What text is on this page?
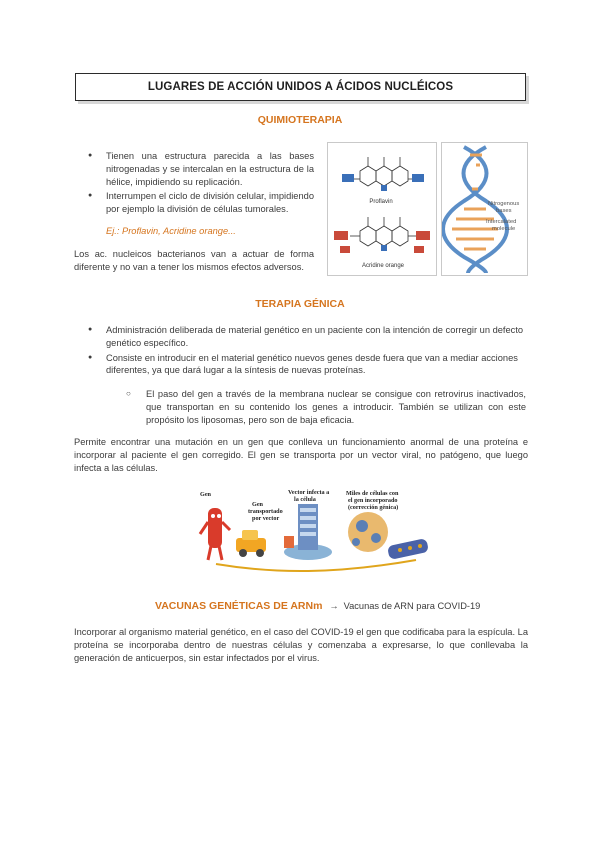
LUGARES DE ACCIÓN UNIDOS A ÁCIDOS NUCLÉICOS
QUIMIOTERAPIA
● Tienen una estructura parecida a las bases nitrogenadas y se intercalan en la estructura de la hélice, impidiendo su replicación.
● Interrumpen el ciclo de división celular, impidiendo por ejemplo la división de células tumorales.
Ej.: Proflavin, Acridine orange...
Los ac. nucleicos bacterianos van a actuar de forma diferente y no van a tener los mismos efectos adversos.
Proflavin
Acridine orange
Nitrogenous
bases
Intercalated
molecule
TERAPIA GÉNICA
● Administración deliberada de material genético en un paciente con la intención de corregir un defecto genético específico.
● Consiste en introducir en el material genético nuevos genes desde fuera que van a mediar acciones diferentes, ya que dará lugar a la síntesis de nuevas proteínas.
○ El paso del gen a través de la membrana nuclear se consigue con retrovirus inactivados, que transportan en su contenido los genes a introducir. También se utilizan con este propósito los liposomas, pero son de baja eficacia.
Permite encontrar una mutación en un gen que conlleva un funcionamiento anormal de una proteína e incorporar al paciente el gen corregido. El gen se transporta por un vector viral, no patógeno, que luego infecta a las células.
Gen
Gen
transportado
por vector
Vector infecta a
la célula
Miles de células con
el gen incorporado
(corrección génica)
VACUNAS GENÉTICAS DE ARNm → Vacunas de ARN para COVID-19
Incorporar al organismo material genético, en el caso del COVID-19 el gen que codificaba para la espícula. La proteína se incorporaba dentro de nuestras células y comenzaba a expresarse, lo que conllevaba la generación de anticuerpos, sin estar infectados por el virus.
